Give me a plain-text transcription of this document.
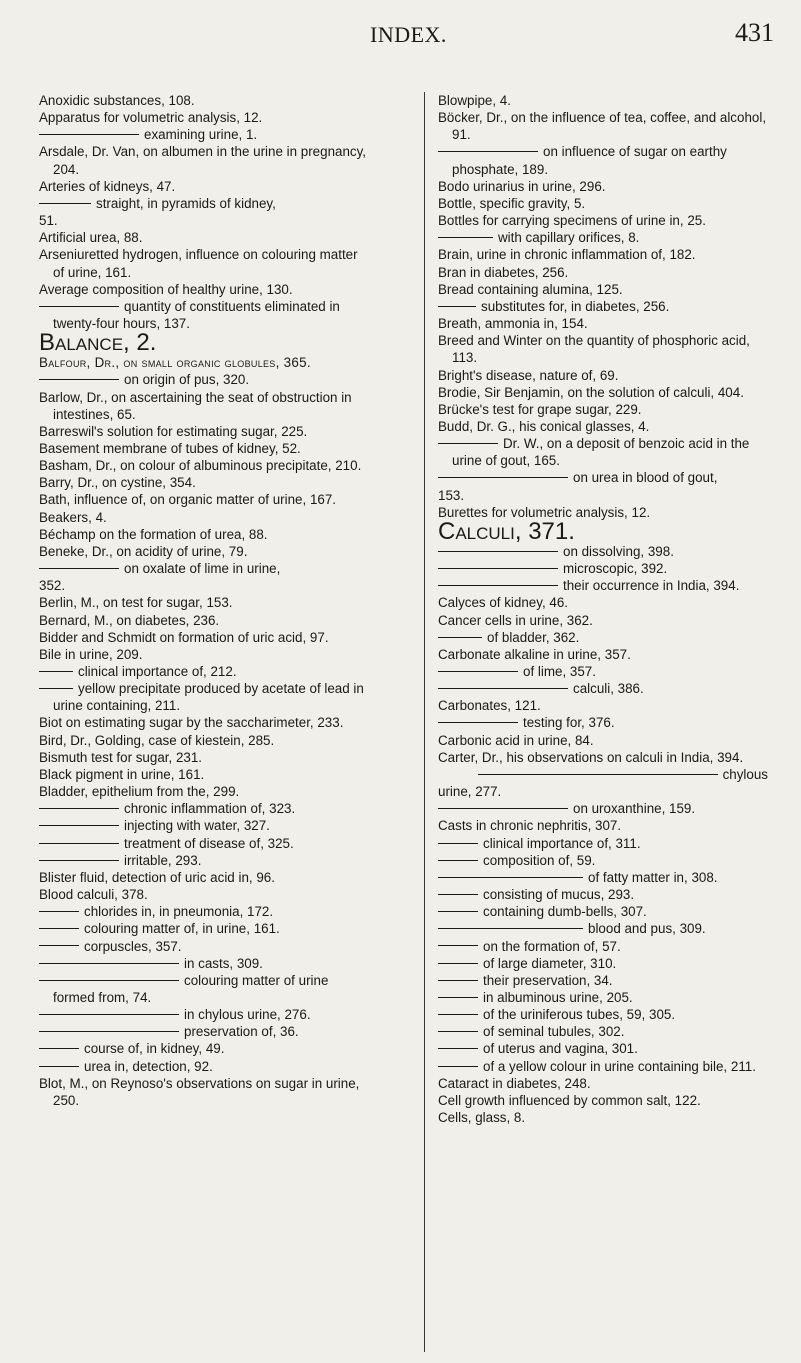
INDEX.	431
Anoxidic substances, 108.
Apparatus for volumetric analysis, 12.
examining urine, 1.
Arsdale, Dr. Van, on albumen in the urine in pregnancy, 204.
Arteries of kidneys, 47.
straight, in pyramids of kidney,
51.
Artificial urea, 88.
Arseniuretted hydrogen, influence on colouring matter of urine, 161.
Average composition of healthy urine, 130.
quantity of constituents eliminated in twenty-four hours, 137.
Balance, 2.
Balfour, Dr., on small organic globules, 365.
on origin of pus, 320.
Barlow, Dr., on ascertaining the seat of obstruction in intestines, 65.
Barreswil's solution for estimating sugar, 225.
Basement membrane of tubes of kidney, 52.
Basham, Dr., on colour of albuminous precipitate, 210.
Barry, Dr., on cystine, 354.
Bath, influence of, on organic matter of urine, 167.
Beakers, 4.
Béchamp on the formation of urea, 88.
Beneke, Dr., on acidity of urine, 79.
on oxalate of lime in urine,
352.
Berlin, M., on test for sugar, 153.
Bernard, M., on diabetes, 236.
Bidder and Schmidt on formation of uric acid, 97.
Bile in urine, 209.
clinical importance of, 212.
yellow precipitate produced by acetate of lead in urine containing, 211.
Biot on estimating sugar by the saccharimeter, 233.
Bird, Dr., Golding, case of kiestein, 285.
Bismuth test for sugar, 231.
Black pigment in urine, 161.
Bladder, epithelium from the, 299.
chronic inflammation of, 323.
injecting with water, 327.
treatment of disease of, 325.
irritable, 293.
Blister fluid, detection of uric acid in, 96.
Blood calculi, 378.
chlorides in, in pneumonia, 172.
colouring matter of, in urine, 161.
corpuscles, 357.
in casts, 309.
colouring matter of urine formed from, 74.
in chylous urine, 276.
preservation of, 36.
course of, in kidney, 49.
urea in, detection, 92.
Blot, M., on Reynoso's observations on sugar in urine, 250.
Blowpipe, 4.
Böcker, Dr., on the influence of tea, coffee, and alcohol, 91.
on influence of sugar on earthy phosphate, 189.
Bodo urinarius in urine, 296.
Bottle, specific gravity, 5.
Bottles for carrying specimens of urine in, 25.
with capillary orifices, 8.
Brain, urine in chronic inflammation of, 182.
Bran in diabetes, 256.
Bread containing alumina, 125.
substitutes for, in diabetes, 256.
Breath, ammonia in, 154.
Breed and Winter on the quantity of phosphoric acid, 113.
Bright's disease, nature of, 69.
Brodie, Sir Benjamin, on the solution of calculi, 404.
Brücke's test for grape sugar, 229.
Budd, Dr. G., his conical glasses, 4.
Dr. W., on a deposit of benzoic acid in the urine of gout, 165.
on urea in blood of gout,
153.
Burettes for volumetric analysis, 12.
Calculi, 371.
on dissolving, 398.
microscopic, 392.
their occurrence in India, 394.
Calyces of kidney, 46.
Cancer cells in urine, 362.
of bladder, 362.
Carbonate alkaline in urine, 357.
of lime, 357.
calculi, 386.
Carbonates, 121.
testing for, 376.
Carbonic acid in urine, 84.
Carter, Dr., his observations on calculi in India, 394.
chylous
urine, 277.
on uroxanthine, 159.
Casts in chronic nephritis, 307.
clinical importance of, 311.
composition of, 59.
of fatty matter in, 308.
consisting of mucus, 293.
containing dumb-bells, 307.
blood and pus, 309.
on the formation of, 57.
of large diameter, 310.
their preservation, 34.
in albuminous urine, 205.
of the uriniferous tubes, 59, 305.
of seminal tubules, 302.
of uterus and vagina, 301.
of a yellow colour in urine containing bile, 211.
Cataract in diabetes, 248.
Cell growth influenced by common salt, 122.
Cells, glass, 8.
